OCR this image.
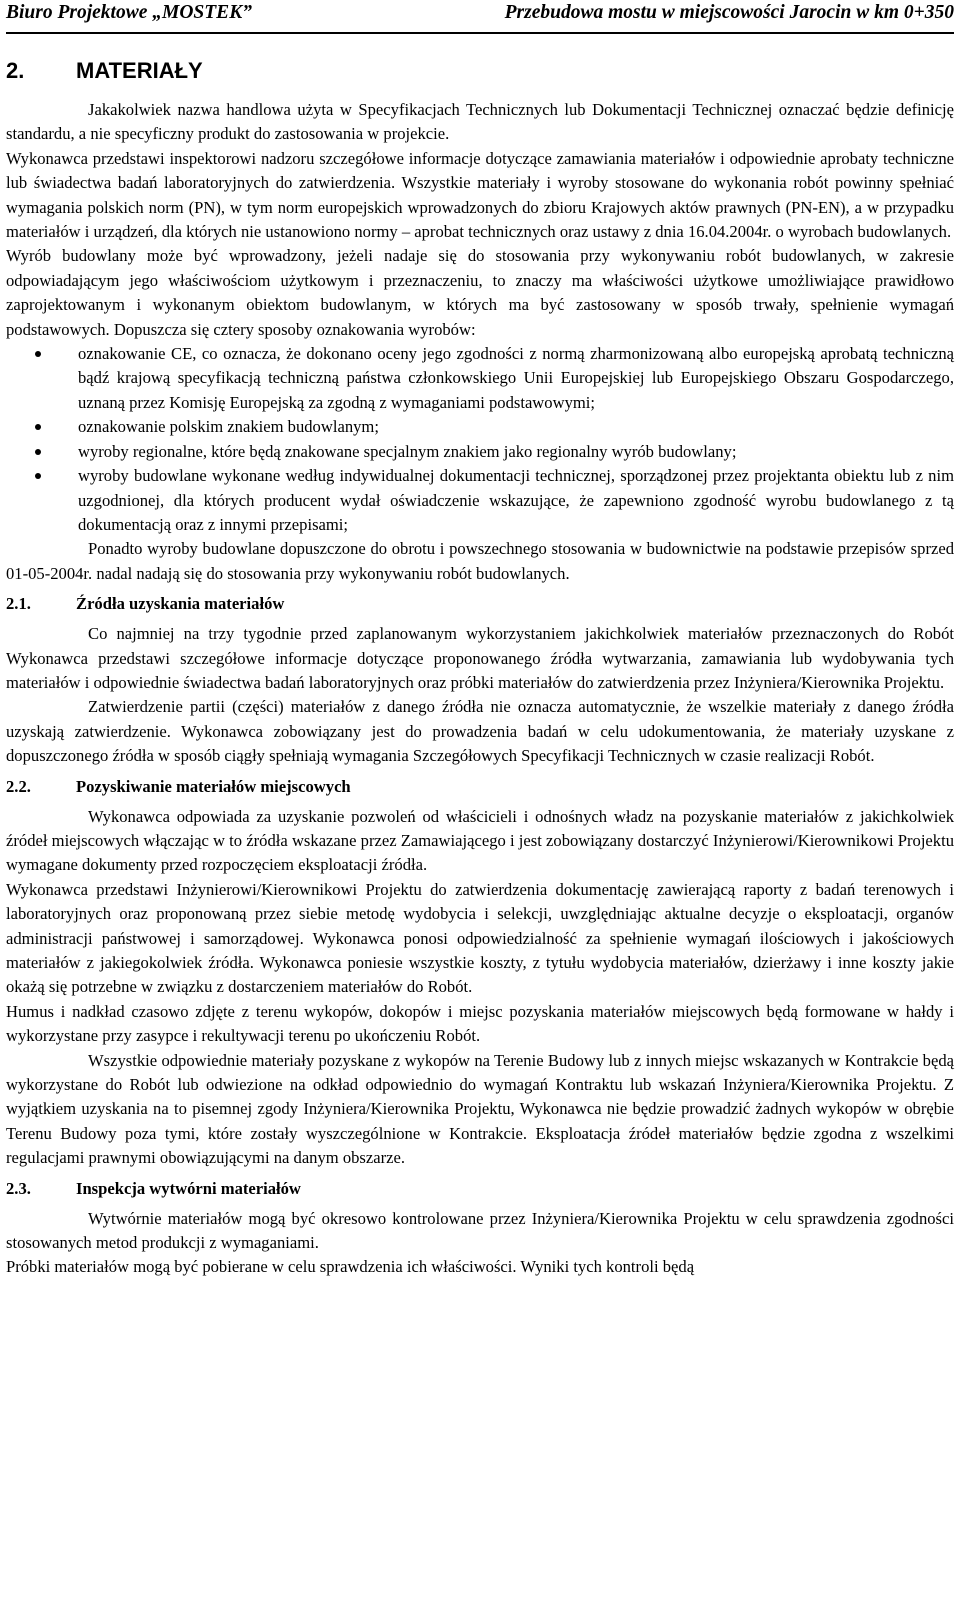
Biuro Projektowe „MOSTEK”	Przebudowa mostu w miejscowości Jarocin w km 0+350
2.	MATERIAŁY

Jakakolwiek nazwa handlowa użyta w Specyfikacjach Technicznych lub Dokumentacji Technicznej oznaczać będzie definicję standardu, a nie specyficzny produkt do zastosowania w projekcie.

Wykonawca przedstawi inspektorowi nadzoru szczegółowe informacje dotyczące zamawiania materiałów i odpowiednie aprobaty techniczne lub świadectwa badań laboratoryjnych do zatwierdzenia. Wszystkie materiały i wyroby stosowane do wykonania robót powinny spełniać wymagania polskich norm (PN), w tym norm europejskich wprowadzonych do zbioru Krajowych aktów prawnych (PN-EN), a w przypadku materiałów i urządzeń, dla których nie ustanowiono normy – aprobat technicznych oraz ustawy z dnia 16.04.2004r. o wyrobach budowlanych.

Wyrób budowlany może być wprowadzony, jeżeli nadaje się do stosowania przy wykonywaniu robót budowlanych, w zakresie odpowiadającym jego właściwościom użytkowym i przeznaczeniu, to znaczy ma właściwości użytkowe umożliwiające prawidłowo zaprojektowanym i wykonanym obiektom budowlanym, w których ma być zastosowany w sposób trwały, spełnienie wymagań podstawowych. Dopuszcza się cztery sposoby oznakowania wyrobów:

oznakowanie CE, co oznacza, że dokonano oceny jego zgodności z normą zharmonizowaną albo europejską aprobatą techniczną bądź krajową specyfikacją techniczną państwa członkowskiego Unii Europejskiej lub Europejskiego Obszaru Gospodarczego, uznaną przez Komisję Europejską za zgodną z wymaganiami podstawowymi;
oznakowanie polskim znakiem budowlanym;
wyroby regionalne, które będą znakowane specjalnym znakiem jako regionalny wyrób budowlany;
wyroby budowlane wykonane według indywidualnej dokumentacji technicznej, sporządzonej przez projektanta obiektu lub z nim uzgodnionej, dla których producent wydał oświadczenie wskazujące, że zapewniono zgodność wyrobu budowlanego z tą dokumentacją oraz z innymi przepisami;

Ponadto wyroby budowlane dopuszczone do obrotu i powszechnego stosowania w budownictwie na podstawie przepisów sprzed 01-05-2004r. nadal nadają się do stosowania przy wykonywaniu robót budowlanych.

2.1.	Źródła uzyskania materiałów

Co najmniej na trzy tygodnie przed zaplanowanym wykorzystaniem jakichkolwiek materiałów przeznaczonych do Robót Wykonawca przedstawi szczegółowe informacje dotyczące proponowanego źródła wytwarzania, zamawiania lub wydobywania tych materiałów i odpowiednie świadectwa badań laboratoryjnych oraz próbki materiałów do zatwierdzenia przez Inżyniera/Kierownika Projektu.

Zatwierdzenie partii (części) materiałów z danego źródła nie oznacza automatycznie, że wszelkie materiały z danego źródła uzyskają zatwierdzenie. Wykonawca zobowiązany jest do prowadzenia badań w celu udokumentowania, że materiały uzyskane z dopuszczonego źródła w sposób ciągły spełniają wymagania Szczegółowych Specyfikacji Technicznych w czasie realizacji Robót.

2.2.	Pozyskiwanie materiałów miejscowych

Wykonawca odpowiada za uzyskanie pozwoleń od właścicieli i odnośnych władz na pozyskanie materiałów z jakichkolwiek źródeł miejscowych włączając w to źródła wskazane przez Zamawiającego i jest zobowiązany dostarczyć Inżynierowi/Kierownikowi Projektu wymagane dokumenty przed rozpoczęciem eksploatacji źródła.

Wykonawca przedstawi Inżynierowi/Kierownikowi Projektu do zatwierdzenia dokumentację zawierającą raporty z badań terenowych i laboratoryjnych oraz proponowaną przez siebie metodę wydobycia i selekcji, uwzględniając aktualne decyzje o eksploatacji, organów administracji państwowej i samorządowej. Wykonawca ponosi odpowiedzialność za spełnienie wymagań ilościowych i jakościowych materiałów z jakiegokolwiek źródła. Wykonawca poniesie wszystkie koszty, z tytułu wydobycia materiałów, dzierżawy i inne koszty jakie okażą się potrzebne w związku z dostarczeniem materiałów do Robót.

Humus i nadkład czasowo zdjęte z terenu wykopów, dokopów i miejsc pozyskania materiałów miejscowych będą formowane w hałdy i wykorzystane przy zasypce i rekultywacji terenu po ukończeniu Robót.

Wszystkie odpowiednie materiały pozyskane z wykopów na Terenie Budowy lub z innych miejsc wskazanych w Kontrakcie będą wykorzystane do Robót lub odwiezione na odkład odpowiednio do wymagań Kontraktu lub wskazań Inżyniera/Kierownika Projektu. Z wyjątkiem uzyskania na to pisemnej zgody Inżyniera/Kierownika Projektu, Wykonawca nie będzie prowadzić żadnych wykopów w obrębie Terenu Budowy poza tymi, które zostały wyszczególnione w Kontrakcie. Eksploatacja źródeł materiałów będzie zgodna z wszelkimi regulacjami prawnymi obowiązującymi na danym obszarze.

2.3.	Inspekcja wytwórni materiałów

Wytwórnie materiałów mogą być okresowo kontrolowane przez Inżyniera/Kierownika Projektu w celu sprawdzenia zgodności stosowanych metod produkcji z wymaganiami.

Próbki materiałów mogą być pobierane w celu sprawdzenia ich właściwości. Wyniki tych kontroli będą
